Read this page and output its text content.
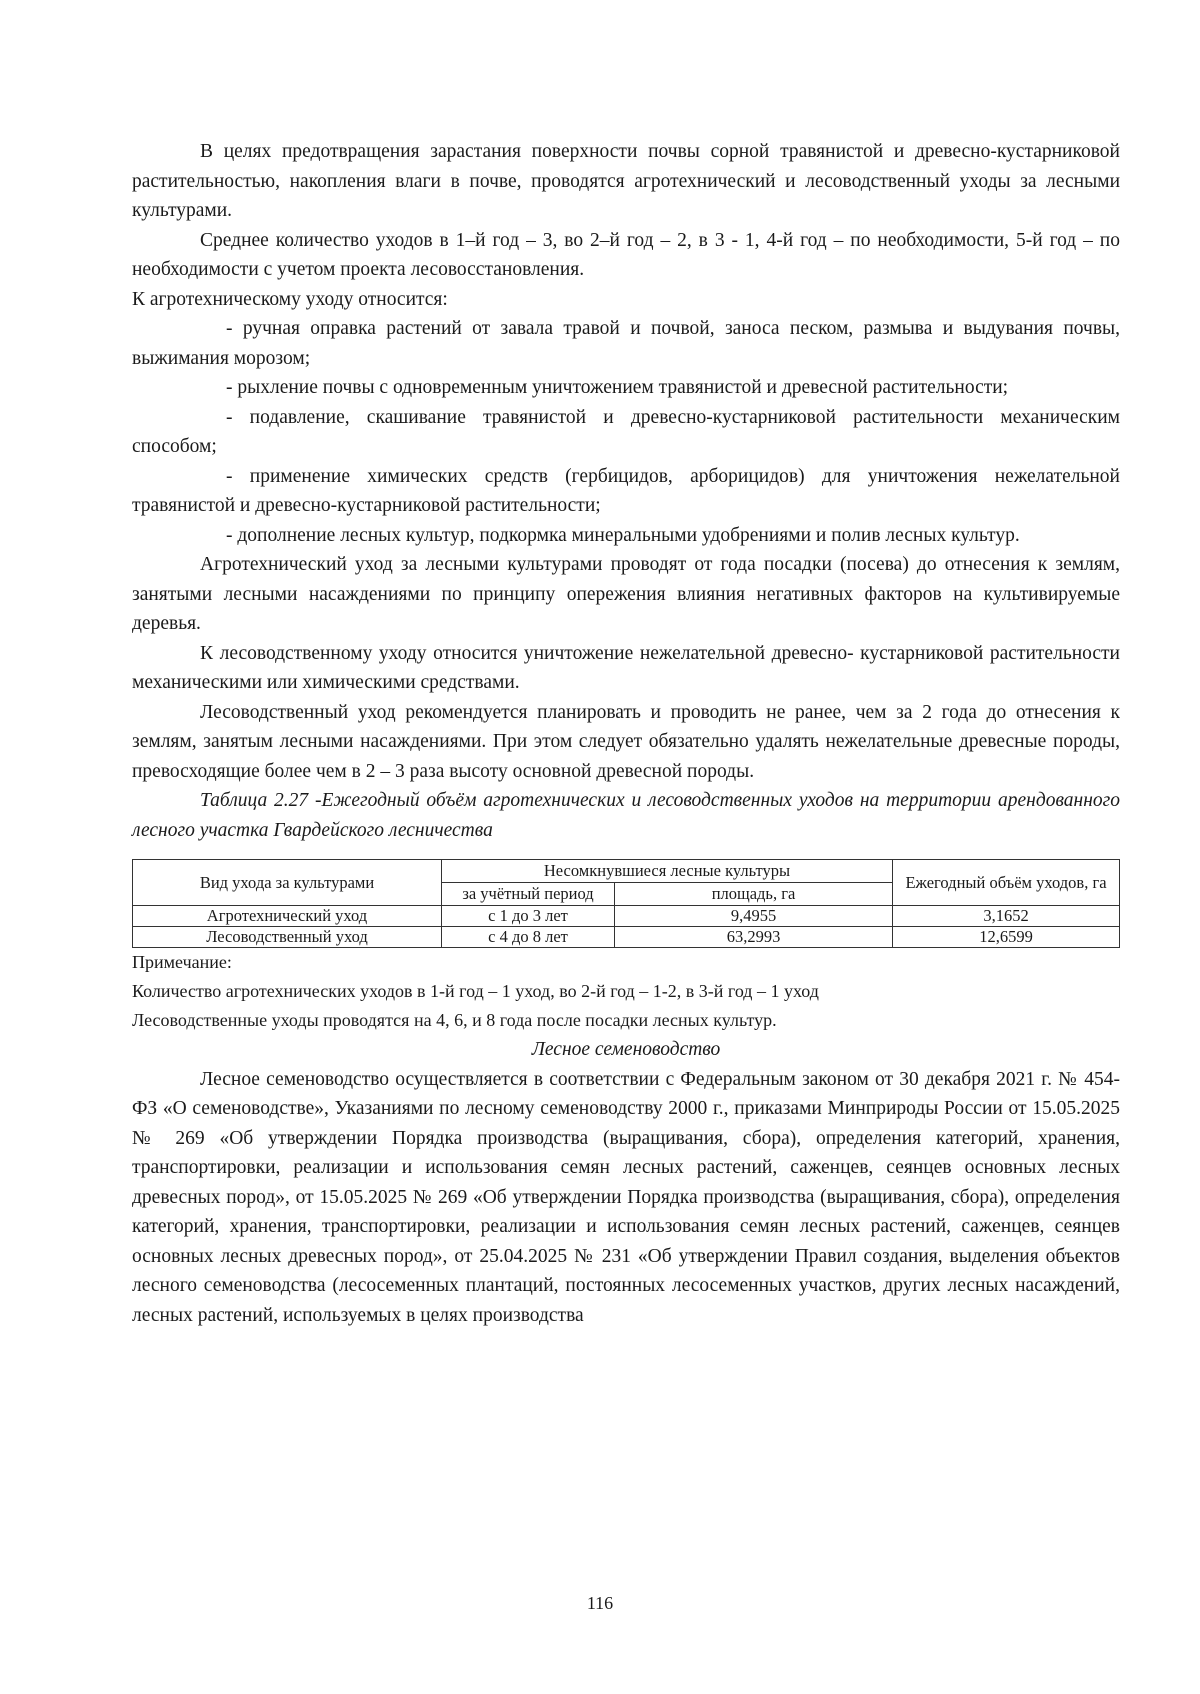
В целях предотвращения зарастания поверхности почвы сорной травянистой и древесно-кустарниковой растительностью, накопления влаги в почве, проводятся агротехнический и лесоводственный уходы за лесными культурами.

Среднее количество уходов в 1–й год – 3, во 2–й год – 2, в 3 - 1, 4-й год – по необходимости, 5-й год – по необходимости с учетом проекта лесовосстановления.

К агротехническому уходу относится:

- ручная оправка растений от завала травой и почвой, заноса песком, размыва и выдувания почвы, выжимания морозом;

- рыхление почвы с одновременным уничтожением травянистой и древесной растительности;

- подавление, скашивание травянистой и древесно-кустарниковой растительности механическим способом;

- применение химических средств (гербицидов, арборицидов) для уничтожения нежелательной травянистой и древесно-кустарниковой растительности;

- дополнение лесных культур, подкормка минеральными удобрениями и полив лесных культур.

Агротехнический уход за лесными культурами проводят от года посадки (посева) до отнесения к землям, занятыми лесными насаждениями по принципу опережения влияния негативных факторов на культивируемые деревья.

К лесоводственному уходу относится уничтожение нежелательной древесно- кустарниковой растительности механическими или химическими средствами.

Лесоводственный уход рекомендуется планировать и проводить не ранее, чем за 2 года до отнесения к землям, занятым лесными насаждениями. При этом следует обязательно удалять нежелательные древесные породы, превосходящие более чем в 2 – 3 раза высоту основной древесной породы.

Таблица 2.27 -Ежегодный объём агротехнических и лесоводственных уходов на территории арендованного лесного участка Гвардейского лесничества

Вид ухода за культурами	Несомкнувшиеся лесные культуры		Ежегодный объём уходов, га
	за учётный период	площадь, га	
Агротехнический уход	с 1 до 3 лет	9,4955	3,1652
Лесоводственный уход	с 4 до 8 лет	63,2993	12,6599

Примечание:

Количество агротехнических уходов в 1-й год – 1 уход, во 2-й год – 1-2, в 3-й год – 1 уход

Лесоводственные уходы проводятся на 4, 6, и 8 года после посадки лесных культур.

Лесное семеноводство

Лесное семеноводство осуществляется в соответствии с Федеральным законом от 30 декабря 2021 г. № 454-ФЗ «О семеноводстве», Указаниями по лесному семеноводству 2000 г., приказами Минприроды России от 15.05.2025 № 269 «Об утверждении Порядка производства (выращивания, сбора), определения категорий, хранения, транспортировки, реализации и использования семян лесных растений, саженцев, сеянцев основных лесных древесных пород», от 15.05.2025 № 269 «Об утверждении Порядка производства (выращивания, сбора), определения категорий, хранения, транспортировки, реализации и использования семян лесных растений, саженцев, сеянцев основных лесных древесных пород», от 25.04.2025 № 231 «Об утверждении Правил создания, выделения объектов лесного семеноводства (лесосеменных плантаций, постоянных лесосеменных участков, других лесных насаждений, лесных растений, используемых в целях производства

116
